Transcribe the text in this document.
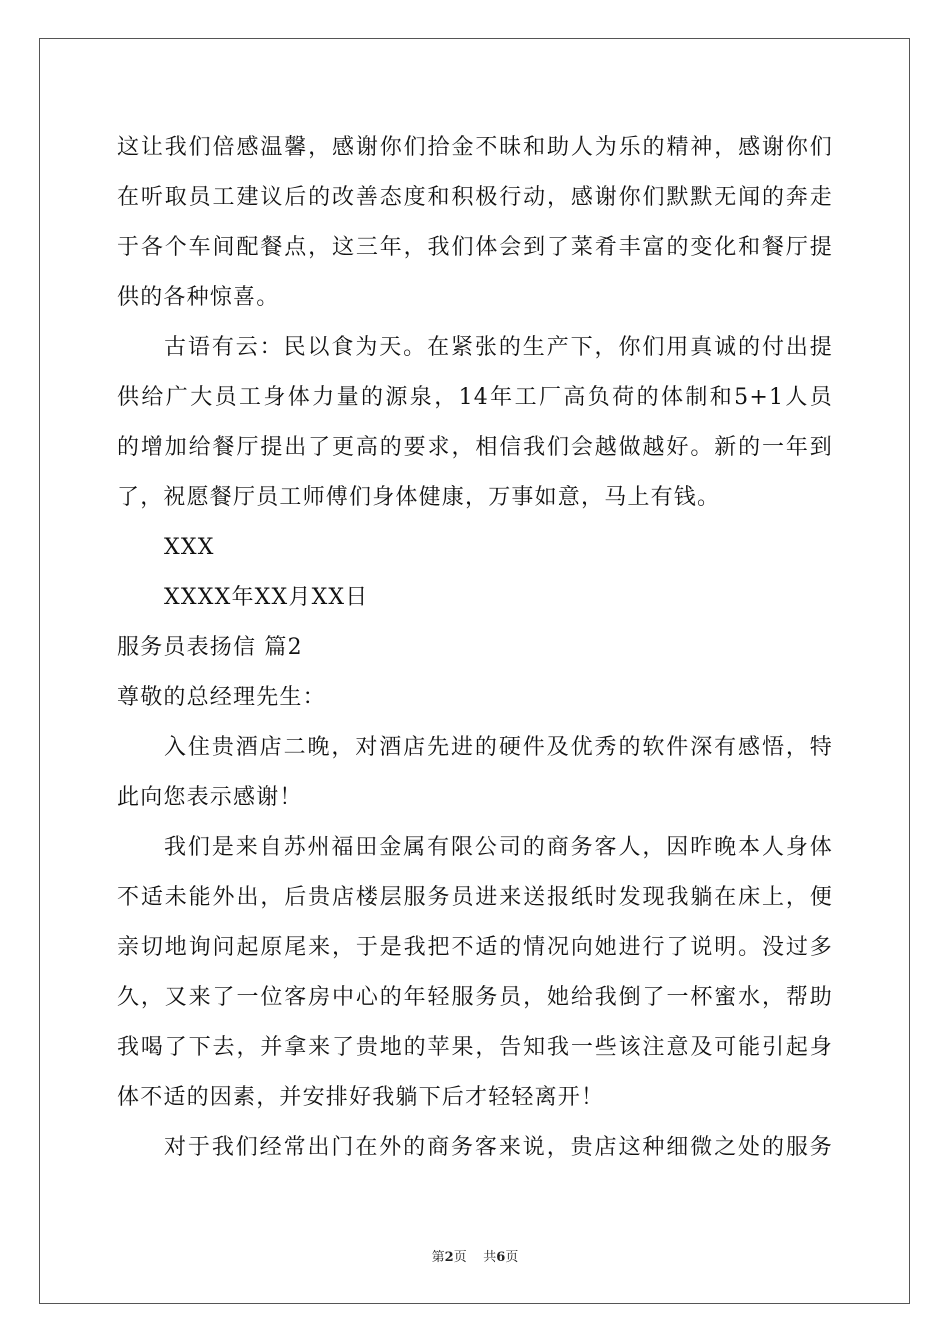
这让我们倍感温馨，感谢你们拾金不昧和助人为乐的精神，感谢你们
在听取员工建议后的改善态度和积极行动，感谢你们默默无闻的奔走
于各个车间配餐点，这三年，我们体会到了菜肴丰富的变化和餐厅提
供的各种惊喜。
古语有云：民以食为天。在紧张的生产下，你们用真诚的付出提
供给广大员工身体力量的源泉，14年工厂高负荷的体制和5+1人员
的增加给餐厅提出了更高的要求，相信我们会越做越好。新的一年到
了，祝愿餐厅员工师傅们身体健康，万事如意，马上有钱。
XXX
XXXX年XX月XX日
服务员表扬信 篇2
尊敬的总经理先生：
入住贵酒店二晚，对酒店先进的硬件及优秀的软件深有感悟，特
此向您表示感谢！
我们是来自苏州福田金属有限公司的商务客人，因昨晚本人身体
不适未能外出，后贵店楼层服务员进来送报纸时发现我躺在床上，便
亲切地询问起原尾来，于是我把不适的情况向她进行了说明。没过多
久，又来了一位客房中心的年轻服务员，她给我倒了一杯蜜水，帮助
我喝了下去，并拿来了贵地的苹果，告知我一些该注意及可能引起身
体不适的因素，并安排好我躺下后才轻轻离开！
对于我们经常出门在外的商务客来说，贵店这种细微之处的服务
第2页 共6页
